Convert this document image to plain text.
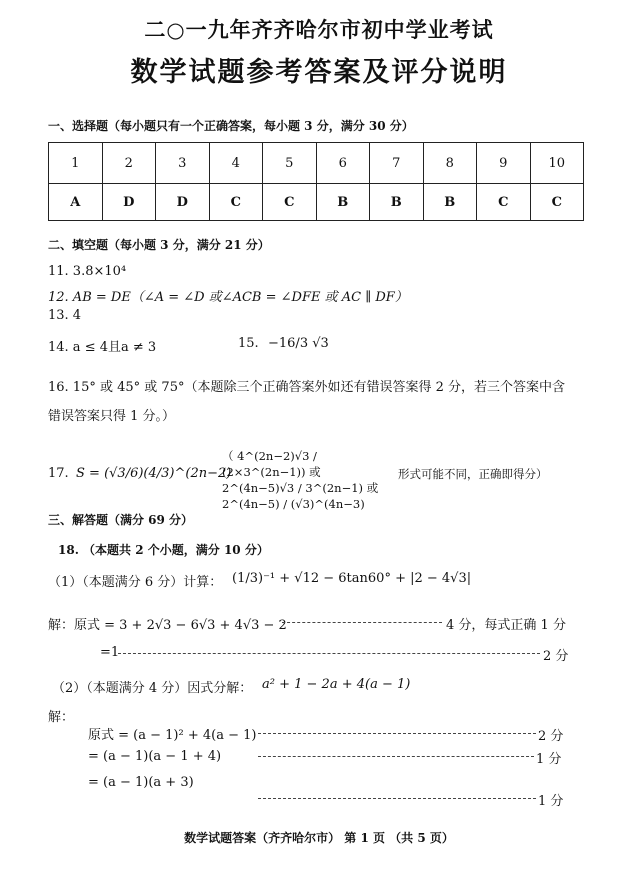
二○一九年齐齐哈尔市初中学业考试
数学试题参考答案及评分说明
一、选择题（每小题只有一个正确答案，每小题 3 分，满分 30 分）
1	2	3	4	5	6	7	8	9	10
A	D	D	C	C	B	B	B	C	C
二、填空题（每小题 3 分，满分 21 分）
11. 3.8×10⁴
12. AB = DE（∠A = ∠D 或∠ACB = ∠DFE 或 AC ∥ DF）
13. 4
14. a ≤ 4且a ≠ 3	15. −16/3 √3
16. 15° 或 45° 或 75°（本题除三个正确答案外如还有错误答案得 2 分，若三个答案中含
错误答案只得 1 分。）
17. S = (√3/6)(4/3)^(2n−2)
（ 4^(2n−2)√3 / (2×3^(2n−1)) 或 2^(4n−5)√3 / 3^(2n−1) 或 2^(4n−5) / (√3)^(4n−3)
形式可能不同，正确即得分）
三、解答题（满分 69 分）
18. （本题共 2 个小题，满分 10 分）
（1）（本题满分 6 分）计算： (1/3)⁻¹ + √12 − 6tan60° + |2 − 4√3|
解：原式 = 3 + 2√3 − 6√3 + 4√3 − 2	4 分，每式正确 1 分
=1	2 分
（2）（本题满分 4 分）因式分解： a² + 1 − 2a + 4(a − 1)
解：
原式 = (a − 1)² + 4(a − 1)	2 分
= (a − 1)(a − 1 + 4)	1 分
= (a − 1)(a + 3)
1 分
数学试题答案（齐齐哈尔市） 第 1 页 （共 5 页）
